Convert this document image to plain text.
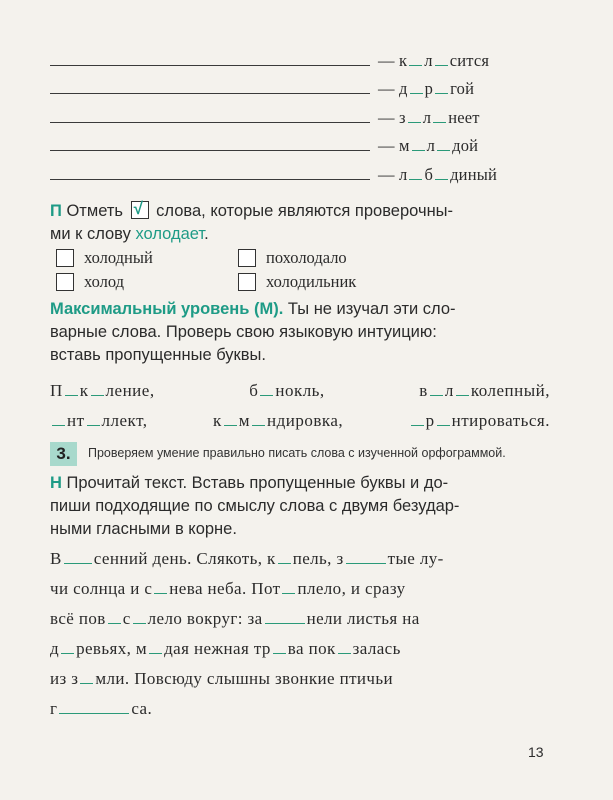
— к л сится
— д р гой
— з л неет
— м л дой
— л б диный
П Отметь √ слова, которые являются проверочны-
ми к слову холодает.
холодный	похолодало
холод	холодильник
Максимальный уровень (М). Ты не изучал эти сло-
варные слова. Проверь свою языковую интуицию:
вставь пропущенные буквы.
П к ление,	б нокль,	в л колепный,
нт ллект,	к м ндировка,	р нтироваться.
3.	Проверяем умение правильно писать слова с изученной орфограммой.
Н Прочитай текст. Вставь пропущенные буквы и до-
пиши подходящие по смыслу слова с двумя безудар-
ными гласными в корне.
В сенний день. Слякоть, к пель, з	тые лу-
чи солнца и с нева неба. Пот плело, и сразу
всё пов с лело вокруг: за	нели листья на
д ревьях, м дая нежная тр ва пок залась
из з мли. Повсюду слышны звонкие птичьи
г	са.
13
